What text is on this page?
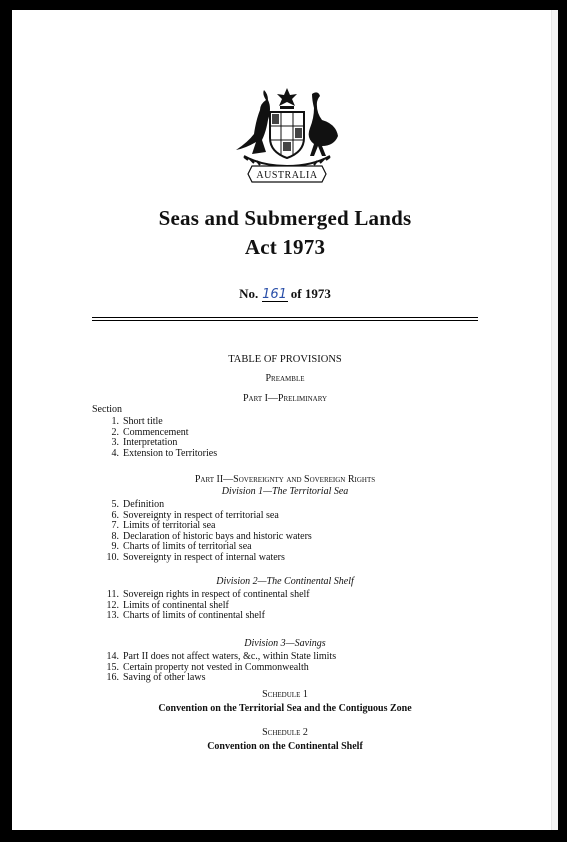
AUSTRALIA
Seas and Submerged Lands
Act 1973
No. 161 of 1973
TABLE OF PROVISIONS
Preamble
Part I—Preliminary
Section
1. Short title
2. Commencement
3. Interpretation
4. Extension to Territories
Part II—Sovereignty and Sovereign Rights
Division 1—The Territorial Sea
5. Definition
6. Sovereignty in respect of territorial sea
7. Limits of territorial sea
8. Declaration of historic bays and historic waters
9. Charts of limits of territorial sea
10. Sovereignty in respect of internal waters
Division 2—The Continental Shelf
11. Sovereign rights in respect of continental shelf
12. Limits of continental shelf
13. Charts of limits of continental shelf
Division 3—Savings
14. Part II does not affect waters, &c., within State limits
15. Certain property not vested in Commonwealth
16. Saving of other laws
Schedule 1
Convention on the Territorial Sea and the Contiguous Zone
Schedule 2
Convention on the Continental Shelf
